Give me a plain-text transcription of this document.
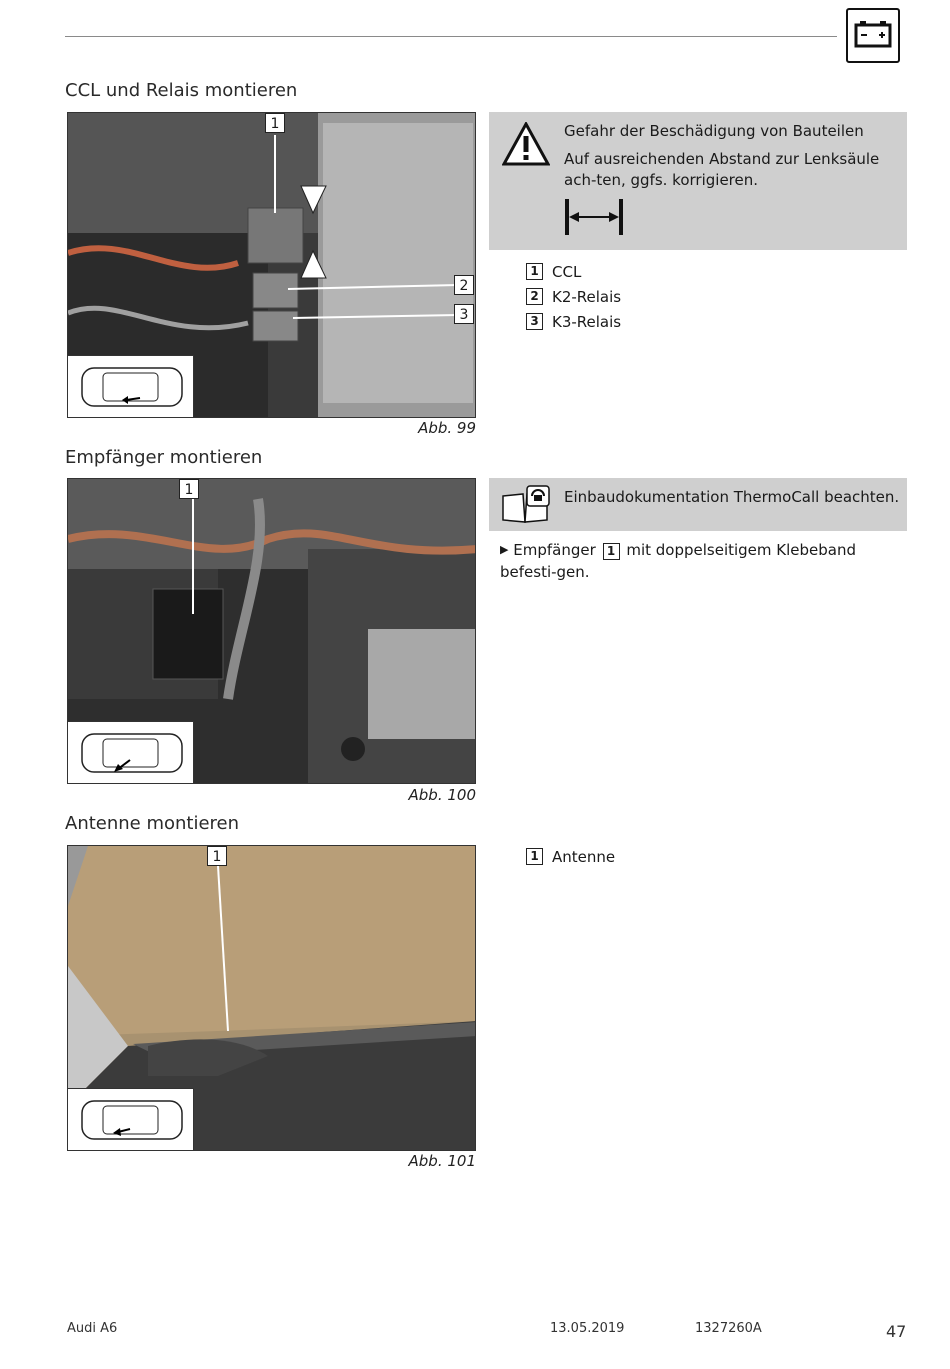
CCL und Relais montieren
1
2
3
Abb. 99
Gefahr der Beschädigung von Bauteilen
Auf ausreichenden Abstand zur Lenksäule ach-ten, ggfs. korrigieren.
1 CCL
2 K2-Relais
3 K3-Relais
Empfänger montieren
1
Abb. 100
Einbaudokumentation ThermoCall beachten.
▶ Empfänger 1 mit doppelseitigem Klebeband befesti-gen.
Antenne montieren
1
Abb. 101
1 Antenne
Audi A6	13.05.2019	1327260A	47
